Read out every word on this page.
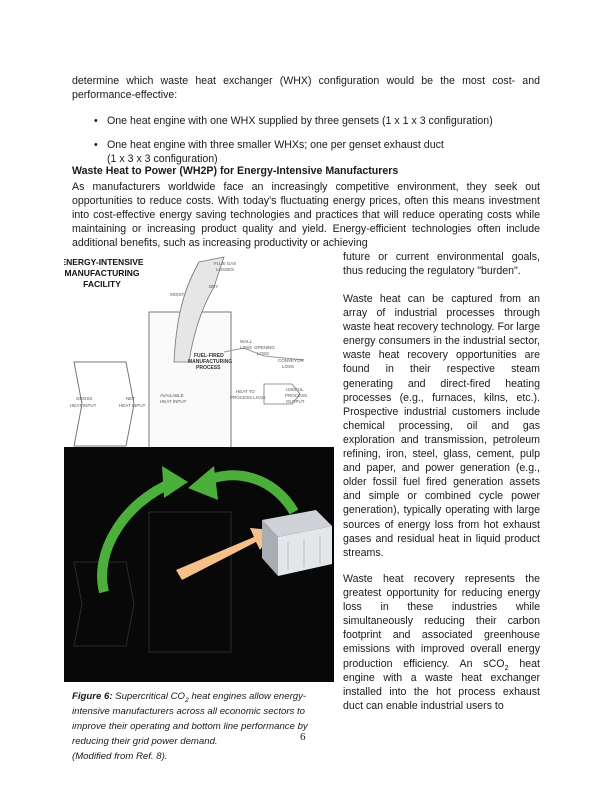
determine which waste heat exchanger (WHX) configuration would be the most cost- and performance-effective:

• One heat engine with one WHX supplied by three gensets (1 x 1 x 3 configuration)
• One heat engine with three smaller WHXs; one per genset exhaust duct
(1 x 3 x 3 configuration)
Waste Heat to Power (WH2P) for Energy-Intensive Manufacturers

As manufacturers worldwide face an increasingly competitive environment, they seek out opportunities to reduce costs. With today's fluctuating energy prices, often this means investment into cost-effective energy saving technologies and practices that will reduce operating costs while maintaining or increasing product quality and yield. Energy-efficient technologies often include additional benefits, such as increasing productivity or achieving

future or current environmental goals, thus reducing the regulatory "burden".

Waste heat can be captured from an array of industrial processes through waste heat recovery technology. For large energy consumers in the industrial sector, waste heat recovery opportunities are found in their respective steam generating and direct-fired heating processes (e.g., furnaces, kilns, etc.). Prospective industrial customers include chemical processing, oil and gas exploration and transmission, petroleum refining, iron, steel, glass, cement, pulp and paper, and power generation (e.g., older fossil fuel fired generation assets and simple or combined cycle power generation), typically operating with large sources of energy loss from hot exhaust gases and residual heat in liquid product streams.

Waste heat recovery represents the greatest opportunity for reducing energy loss in these industries while simultaneously reducing their carbon footprint and associated greenhouse emissions with improved overall energy production efficiency. An sCO$_2$ heat engine with a waste heat exchanger installed into the hot process exhaust duct can enable industrial users to

ENERGY-INTENSIVE
MANUFACTURING
FACILITY
GROSS
HEAT INPUT
NET
HEAT INPUT
FLUE GAS
LOSSES
DRY
MOIST
FUEL-FIRED
MANUFACTURING
PROCESS
AVAILABLE
HEAT INPUT
WALL
LOSS OPENING
LOSS
CONVEYOR
LOSS
USEFUL
PROCESS
OUTPUT
HEAT TO
PROCESS LOAD
Figure 6: Supercritical $CO_2$ heat engines allow energy-intensive manufacturers across all economic sectors to improve their operating and bottom line performance by reducing their grid power demand.
(Modified from Ref. 8).
6
